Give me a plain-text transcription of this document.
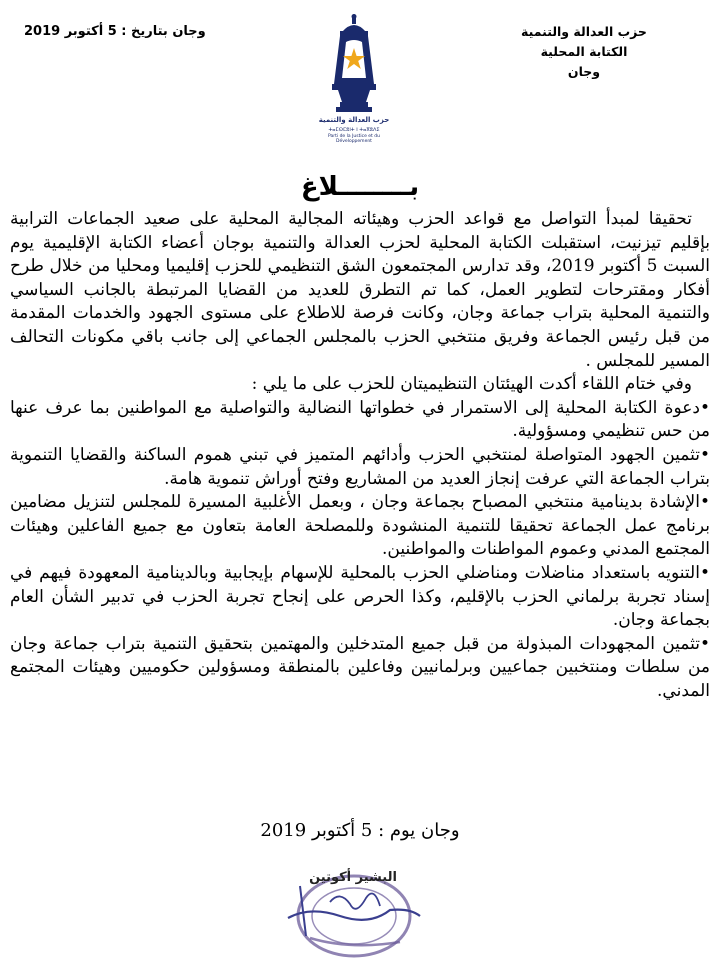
حزب العدالة والتنمية
الكتابة المحلية
وجان
وجان بتاريخ : 5 أكتوبر 2019
حزب العدالة والتنمية
ⵜⴰⵎⵙⵎⵓⵏⵜ ⵏ ⵜⴰⴳⵓⴷⵉ
Parti de la Justice et du Développement
بــــــــلاغ

تحقيقا لمبدأ التواصل مع قواعد الحزب وهيئاته المجالية المحلية على صعيد الجماعات الترابية بإقليم تيزنيت، استقبلت الكتابة المحلية لحزب العدالة والتنمية بوجان أعضاء الكتابة الإقليمية يوم السبت 5 أكتوبر 2019، وقد تدارس المجتمعون الشق التنظيمي للحزب إقليميا ومحليا من خلال طرح أفكار ومقترحات لتطوير العمل، كما تم التطرق للعديد من القضايا المرتبطة بالجانب السياسي والتنمية المحلية بتراب جماعة وجان، وكانت فرصة للاطلاع على مستوى الجهود والخدمات المقدمة من قبل رئيس الجماعة وفريق منتخبي الحزب بالمجلس الجماعي إلى جانب باقي مكونات التحالف المسير للمجلس .

وفي ختام اللقاء أكدت الهيئتان التنظيميتان للحزب على ما يلي :

•دعوة الكتابة المحلية إلى الاستمرار في خطواتها النضالية والتواصلية مع المواطنين بما عرف عنها من حس تنظيمي ومسؤولية.

•تثمين الجهود المتواصلة لمنتخبي الحزب وأدائهم المتميز في تبني هموم الساكنة والقضايا التنموية بتراب الجماعة التي عرفت إنجاز العديد من المشاريع وفتح أوراش تنموية هامة.

•الإشادة بدينامية منتخبي المصباح بجماعة وجان ، وبعمل الأغلبية المسيرة للمجلس لتنزيل مضامين برنامج عمل الجماعة تحقيقا للتنمية المنشودة وللمصلحة العامة بتعاون مع جميع الفاعلين وهيئات المجتمع المدني وعموم المواطنات والمواطنين.

•التنويه باستعداد مناضلات ومناضلي الحزب بالمحلية للإسهام بإيجابية وبالدينامية المعهودة فيهم في إسناد تجربة برلماني الحزب بالإقليم، وكذا الحرص على إنجاح تجربة الحزب في تدبير الشأن العام بجماعة وجان.

•تثمين المجهودات المبذولة من قبل جميع المتدخلين والمهتمين بتحقيق التنمية بتراب جماعة وجان من سلطات ومنتخبين جماعيين وبرلمانيين وفاعلين بالمنطقة ومسؤولين حكوميين وهيئات المجتمع المدني.

وجان يوم : 5 أكتوبر 2019
البشير أكوتين
